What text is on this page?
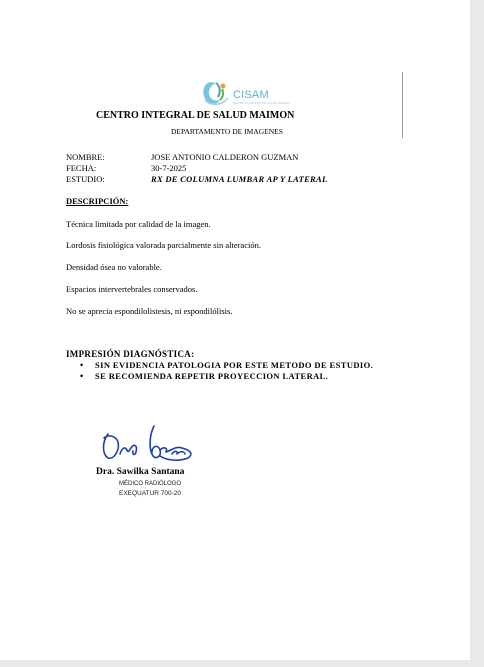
CISAM
CENTRO INTEGRAL DE SALUD MAIMON
CENTRO INTEGRAL DE SALUD MAIMON
DEPARTAMENTO DE IMAGENES
NOMBRE:	JOSE ANTONIO CALDERON GUZMAN
FECHA:	30-7-2025
ESTUDIO:	RX DE COLUMNA LUMBAR AP Y LATERAL
DESCRIPCIÓN:
Técnica limitada por calidad de la imagen.
Lordosis fisiológica valorada parcialmente sin alteración.
Densidad ósea no valorable.
Espacios intervertebrales conservados.
No se aprecia espondilolistesis, ni espondilólisis.
IMPRESIÓN DIAGNÓSTICA:
• SIN EVIDENCIA PATOLOGIA POR ESTE METODO DE ESTUDIO.
• SE RECOMIENDA REPETIR PROYECCION LATERAL.
Dra. Sawilka Santana
MÉDICO RADIÓLOGO
EXEQUATUR 700-20
